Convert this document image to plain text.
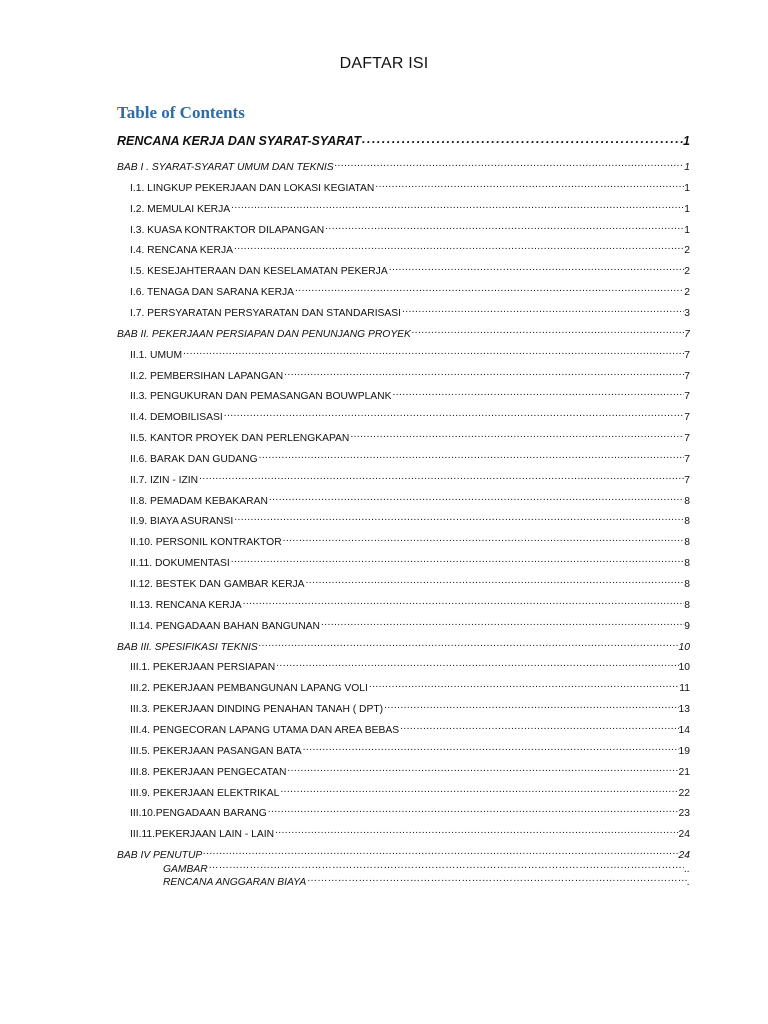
DAFTAR ISI
Table of Contents
RENCANA KERJA DAN SYARAT-SYARAT .....	1
BAB I . SYARAT-SYARAT UMUM DAN TEKNIS .....	1
I.1. LINGKUP PEKERJAAN DAN LOKASI KEGIATAN .....	1
I.2. MEMULAI KERJA .....	1
I.3. KUASA KONTRAKTOR DILAPANGAN .....	1
I.4. RENCANA KERJA .....	2
I.5. KESEJAHTERAAN DAN KESELAMATAN PEKERJA .....	2
I.6. TENAGA DAN SARANA KERJA .....	2
I.7. PERSYARATAN PERSYARATAN DAN STANDARISASI .....	3
BAB II. PEKERJAAN PERSIAPAN DAN PENUNJANG PROYEK .....	7
II.1. UMUM .....	7
II.2. PEMBERSIHAN LAPANGAN .....	7
II.3. PENGUKURAN DAN PEMASANGAN BOUWPLANK .....	7
II.4. DEMOBILISASI .....	7
II.5. KANTOR PROYEK DAN PERLENGKAPAN .....	7
II.6. BARAK DAN GUDANG .....	7
II.7. IZIN - IZIN .....	7
II.8. PEMADAM KEBAKARAN .....	8
II.9. BIAYA ASURANSI .....	8
II.10. PERSONIL KONTRAKTOR .....	8
II.11. DOKUMENTASI .....	8
II.12. BESTEK DAN GAMBAR KERJA .....	8
II.13. RENCANA KERJA .....	8
II.14. PENGADAAN BAHAN BANGUNAN .....	9
BAB III. SPESIFIKASI TEKNIS .....	10
III.1. PEKERJAAN PERSIAPAN .....	10
III.2. PEKERJAAN PEMBANGUNAN LAPANG VOLI .....	11
III.3. PEKERJAAN DINDING PENAHAN TANAH ( DPT) .....	13
III.4. PENGECORAN LAPANG UTAMA DAN AREA BEBAS .....	14
III.5. PEKERJAAN PASANGAN BATA .....	19
III.8. PEKERJAAN PENGECATAN .....	21
III.9. PEKERJAAN ELEKTRIKAL .....	22
III.10.PENGADAAN BARANG .....	23
III.11.PEKERJAAN LAIN - LAIN .....	24
BAB IV PENUTUP .....	24
GAMBAR ……………………………………………………………………………………………………………………………………………………………………	..
RENCANA ANGGARAN BIAYA ……………………………………………………………………………………………………………………………………………………………………	.
